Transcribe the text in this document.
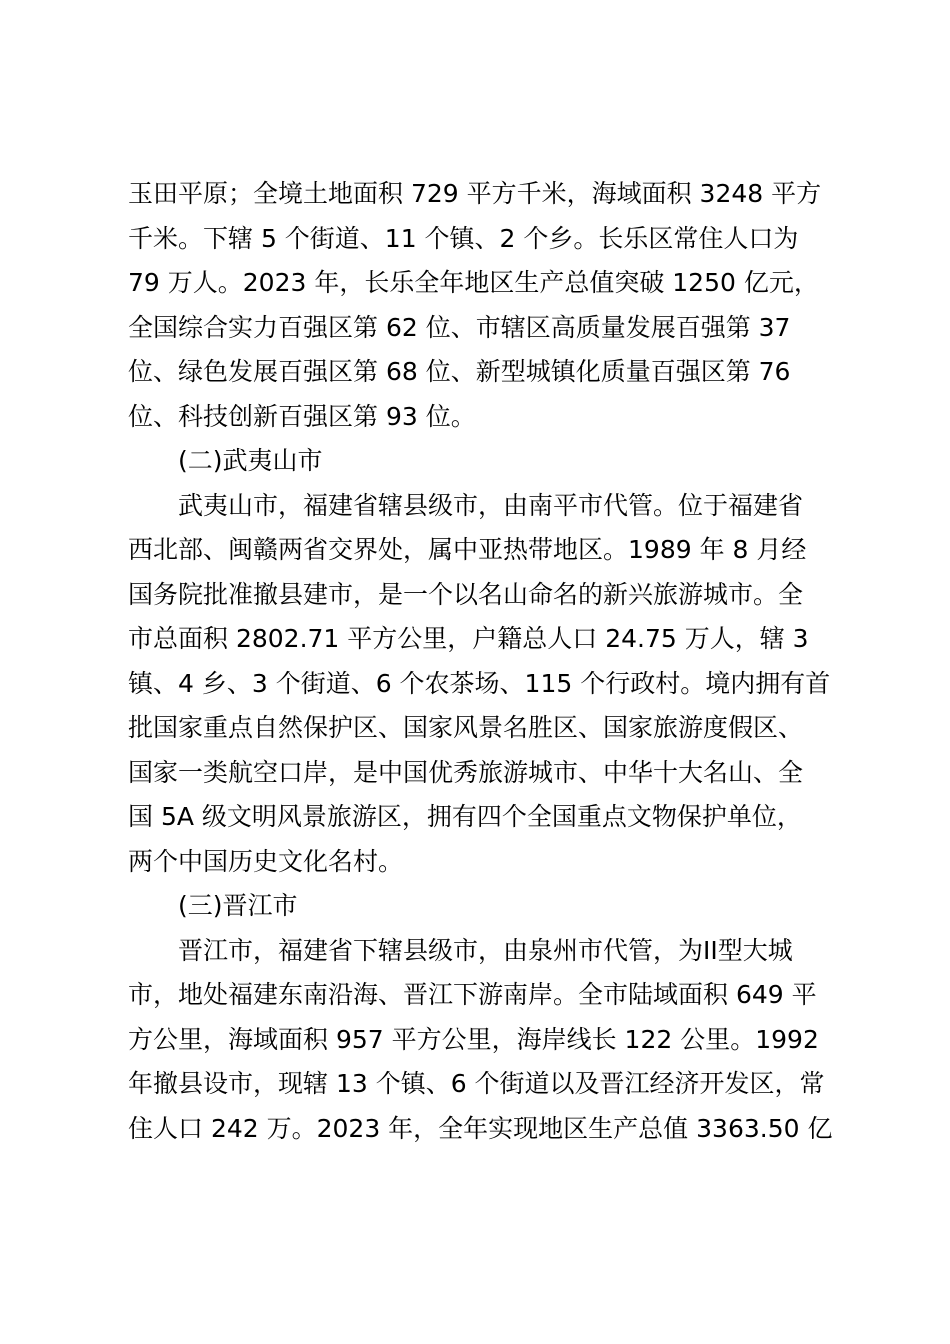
玉田平原；全境土地面积 729 平方千米，海域面积 3248 平方
千米。下辖 5 个街道、11 个镇、2 个乡。长乐区常住人口为
79 万人。2023 年，长乐全年地区生产总值突破 1250 亿元，
全国综合实力百强区第 62 位、市辖区高质量发展百强第 37
位、绿色发展百强区第 68 位、新型城镇化质量百强区第 76
位、科技创新百强区第 93 位。
(二)武夷山市
武夷山市，福建省辖县级市，由南平市代管。位于福建省
西北部、闽赣两省交界处，属中亚热带地区。1989 年 8 月经
国务院批准撤县建市，是一个以名山命名的新兴旅游城市。全
市总面积 2802.71 平方公里，户籍总人口 24.75 万人，辖 3
镇、4 乡、3 个街道、6 个农茶场、115 个行政村。境内拥有首
批国家重点自然保护区、国家风景名胜区、国家旅游度假区、
国家一类航空口岸，是中国优秀旅游城市、中华十大名山、全
国 5A 级文明风景旅游区，拥有四个全国重点文物保护单位，
两个中国历史文化名村。
(三)晋江市
晋江市，福建省下辖县级市，由泉州市代管，为II型大城
市，地处福建东南沿海、晋江下游南岸。全市陆域面积 649 平
方公里，海域面积 957 平方公里，海岸线长 122 公里。1992
年撤县设市，现辖 13 个镇、6 个街道以及晋江经济开发区，常
住人口 242 万。2023 年，全年实现地区生产总值 3363.50 亿
